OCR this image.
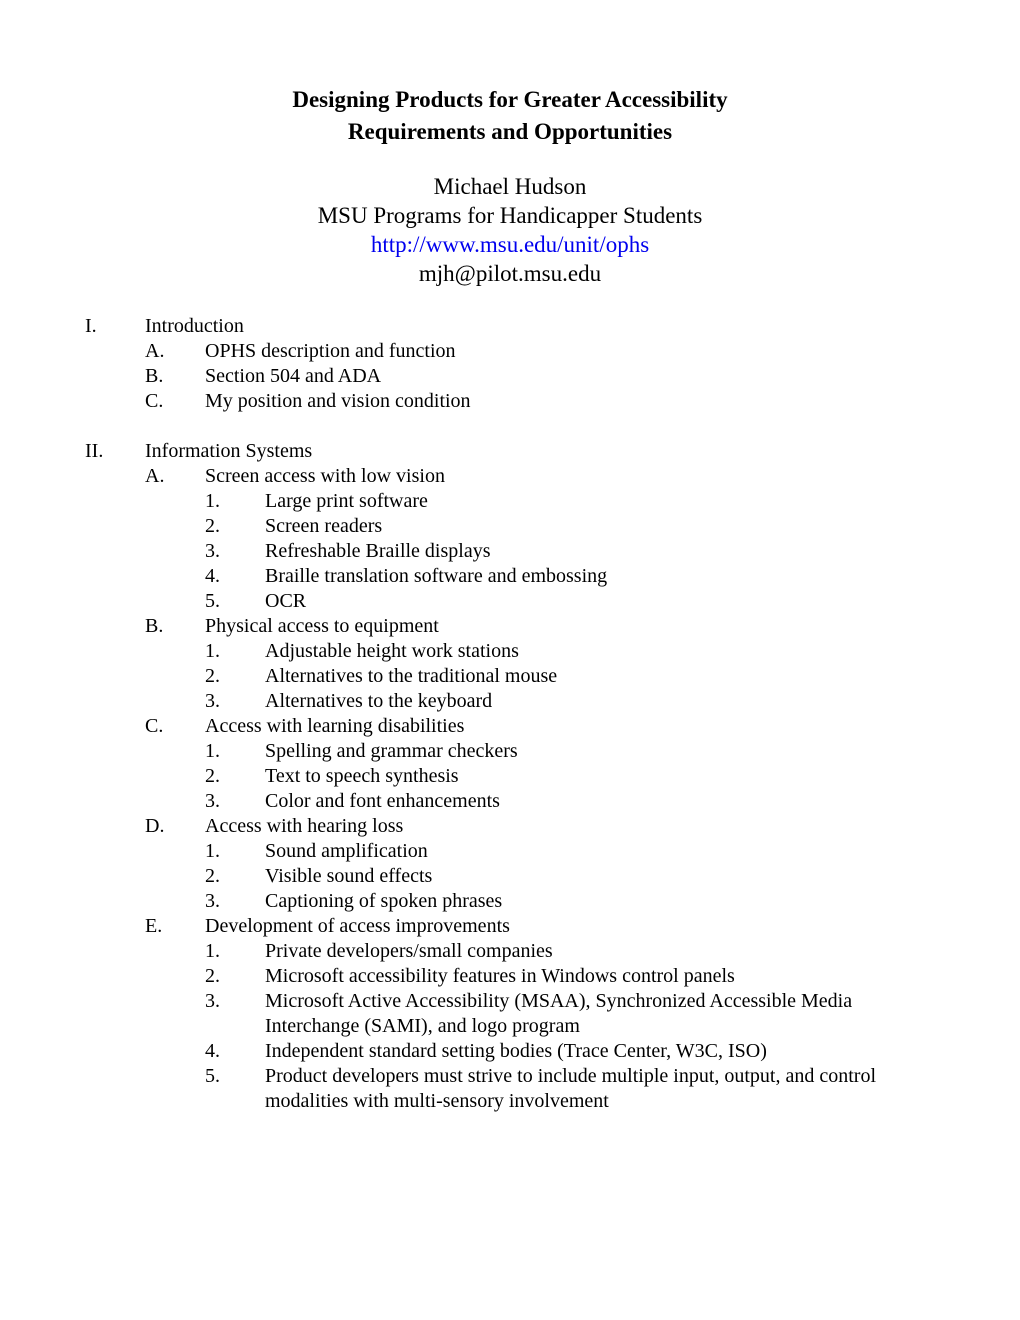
Designing Products for Greater Accessibility
Requirements and Opportunities
Michael Hudson
MSU Programs for Handicapper Students
http://www.msu.edu/unit/ophs
mjh@pilot.msu.edu
I.	Introduction
A.	OPHS description and function
B.	Section 504 and ADA
C.	My position and vision condition
II.	Information Systems
A.	Screen access with low vision
1.	Large print software
2.	Screen readers
3.	Refreshable Braille displays
4.	Braille translation software and embossing
5.	OCR
B.	Physical access to equipment
1.	Adjustable height work stations
2.	Alternatives to the traditional mouse
3.	Alternatives to the keyboard
C.	Access with learning disabilities
1.	Spelling and grammar checkers
2.	Text to speech synthesis
3.	Color and font enhancements
D.	Access with hearing loss
1.	Sound amplification
2.	Visible sound effects
3.	Captioning of spoken phrases
E.	Development of access improvements
1.	Private developers/small companies
2.	Microsoft accessibility features in Windows control panels
3.	Microsoft Active Accessibility (MSAA), Synchronized Accessible Media
Interchange (SAMI), and logo program
4.	Independent standard setting bodies (Trace Center, W3C, ISO)
5.	Product developers must strive to include multiple input, output, and control
modalities with multi-sensory involvement
